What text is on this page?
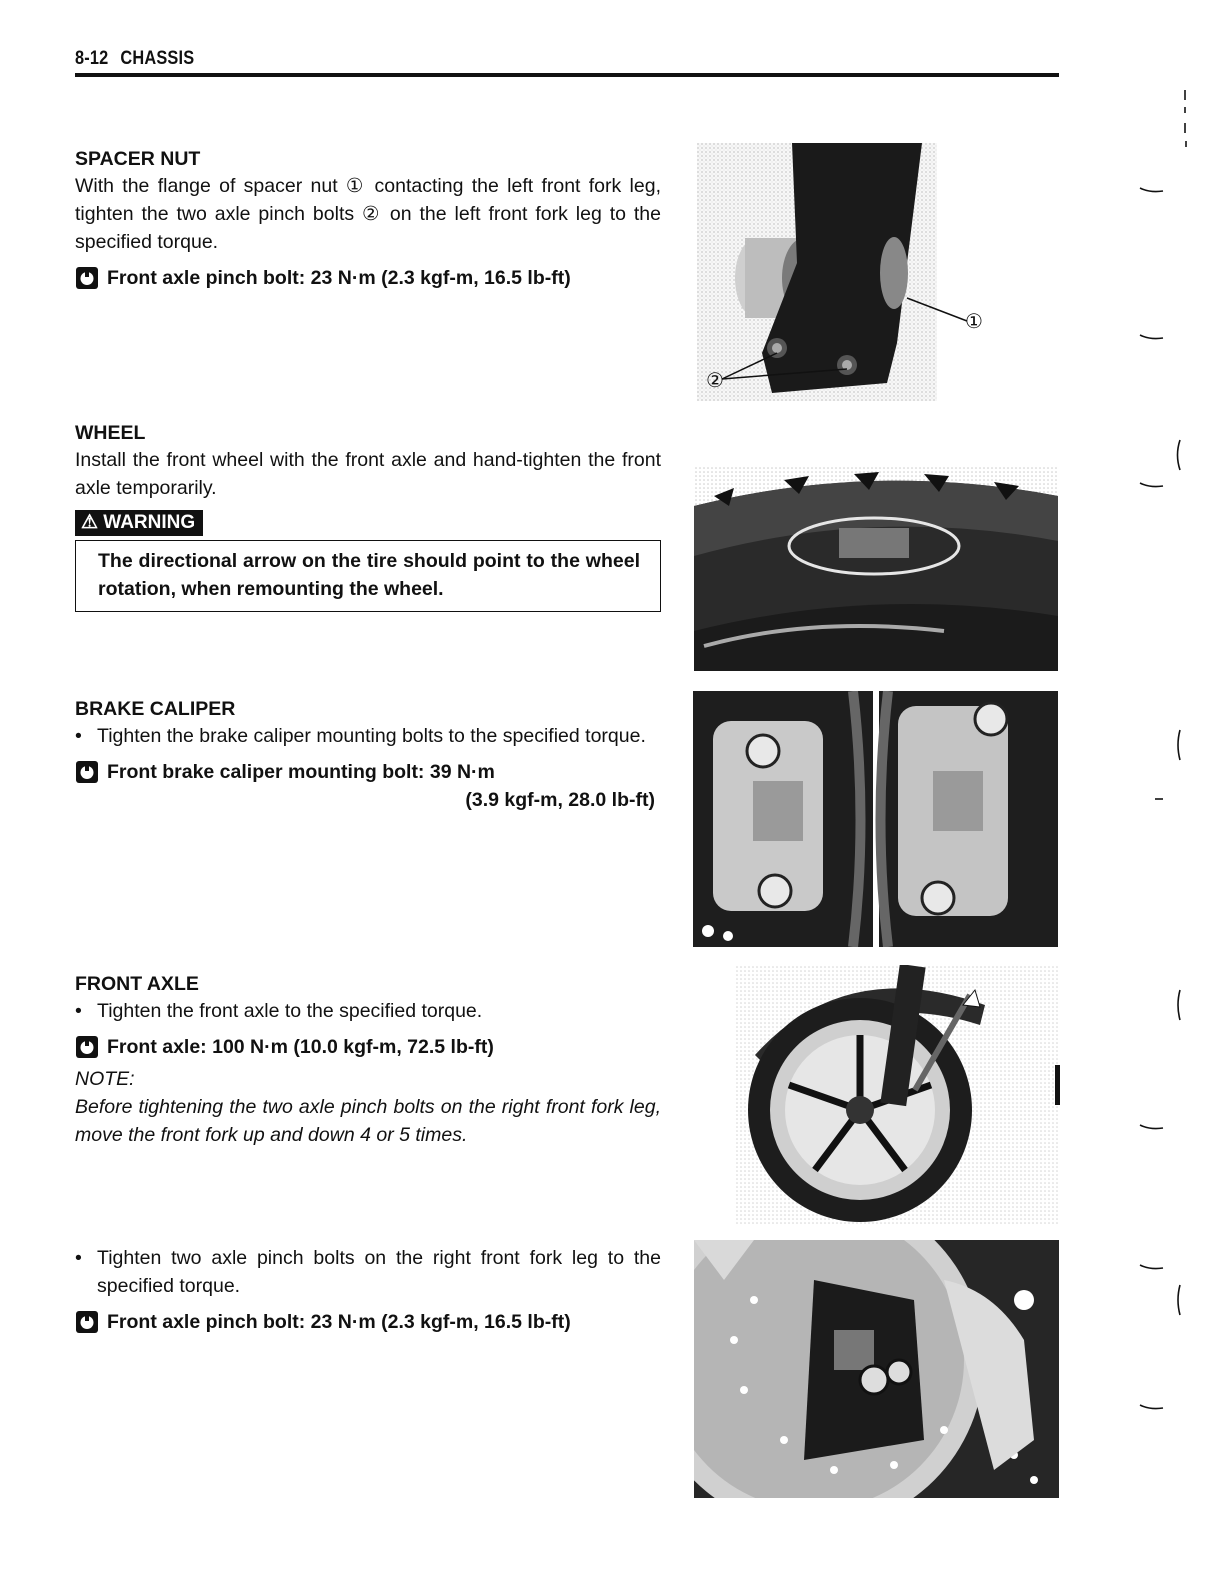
8-12 CHASSIS
SPACER NUT
With the flange of spacer nut ① contacting the left front fork leg, tighten the two axle pinch bolts ② on the left front fork leg to the specified torque.
Front axle pinch bolt: 23 N·m (2.3 kgf-m, 16.5 lb-ft)
①
②
WHEEL
Install the front wheel with the front axle and hand-tighten the front axle temporarily.
⚠ WARNING
The directional arrow on the tire should point to the wheel rotation, when remounting the wheel.
BRAKE CALIPER
• Tighten the brake caliper mounting bolts to the specified torque.
Front brake caliper mounting bolt: 39 N·m
(3.9 kgf-m, 28.0 lb-ft)
FRONT AXLE
• Tighten the front axle to the specified torque.
Front axle: 100 N·m (10.0 kgf-m, 72.5 lb-ft)
NOTE:
Before tightening the two axle pinch bolts on the right front fork leg, move the front fork up and down 4 or 5 times.
• Tighten two axle pinch bolts on the right front fork leg to the specified torque.
Front axle pinch bolt: 23 N·m (2.3 kgf-m, 16.5 lb-ft)
